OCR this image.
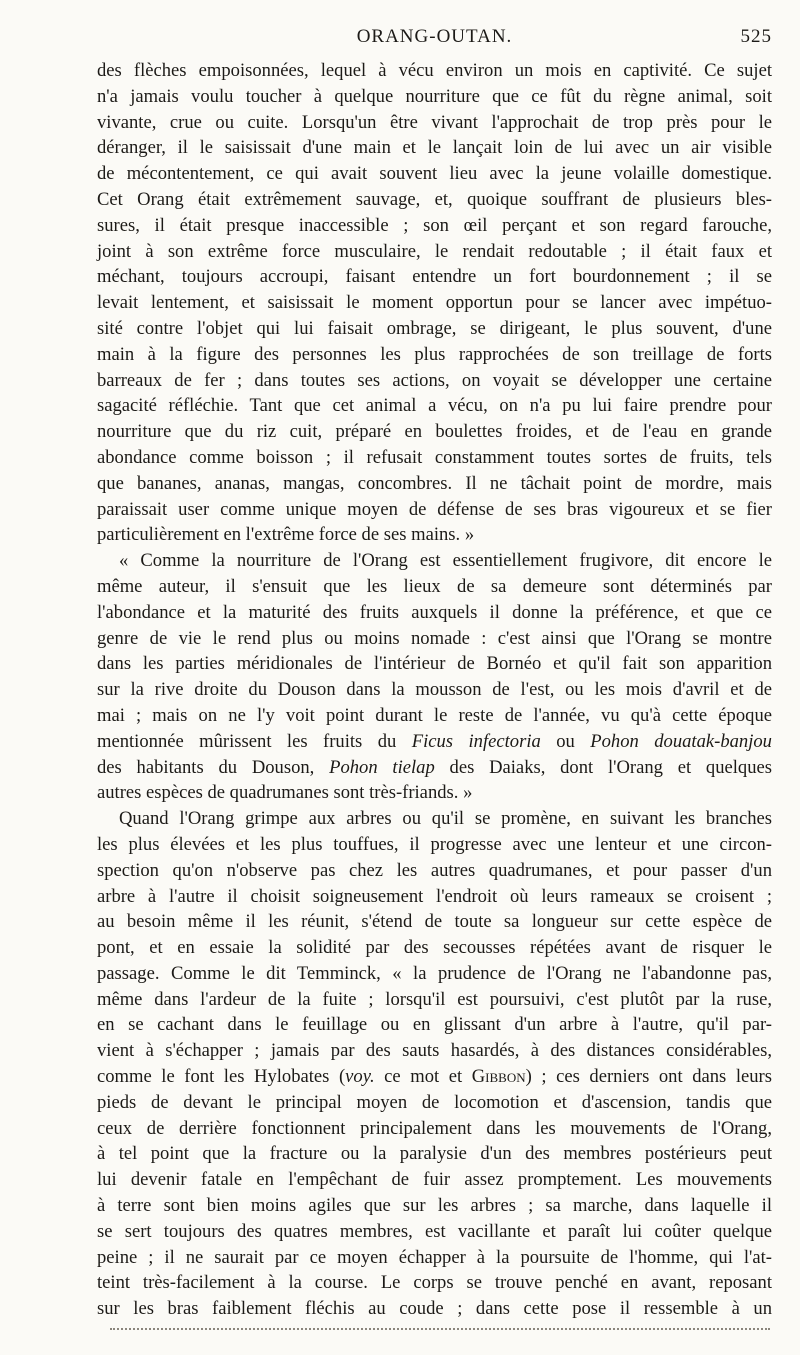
ORANG-OUTAN.	525
des flèches empoisonnées, lequel à vécu environ un mois en captivité. Ce sujet
n'a jamais voulu toucher à quelque nourriture que ce fût du règne animal, soit
vivante, crue ou cuite. Lorsqu'un être vivant l'approchait de trop près pour le
déranger, il le saisissait d'une main et le lançait loin de lui avec un air visible
de mécontentement, ce qui avait souvent lieu avec la jeune volaille domestique.
Cet Orang était extrêmement sauvage, et, quoique souffrant de plusieurs bles-
sures, il était presque inaccessible ; son œil perçant et son regard farouche,
joint à son extrême force musculaire, le rendait redoutable ; il était faux et
méchant, toujours accroupi, faisant entendre un fort bourdonnement ; il se
levait lentement, et saisissait le moment opportun pour se lancer avec impétuo-
sité contre l'objet qui lui faisait ombrage, se dirigeant, le plus souvent, d'une
main à la figure des personnes les plus rapprochées de son treillage de forts
barreaux de fer ; dans toutes ses actions, on voyait se développer une certaine
sagacité réfléchie. Tant que cet animal a vécu, on n'a pu lui faire prendre pour
nourriture que du riz cuit, préparé en boulettes froides, et de l'eau en grande
abondance comme boisson ; il refusait constamment toutes sortes de fruits, tels
que bananes, ananas, mangas, concombres. Il ne tâchait point de mordre, mais
paraissait user comme unique moyen de défense de ses bras vigoureux et se fier
particulièrement en l'extrême force de ses mains. »
« Comme la nourriture de l'Orang est essentiellement frugivore, dit encore le
même auteur, il s'ensuit que les lieux de sa demeure sont déterminés par
l'abondance et la maturité des fruits auxquels il donne la préférence, et que ce
genre de vie le rend plus ou moins nomade : c'est ainsi que l'Orang se montre
dans les parties méridionales de l'intérieur de Bornéo et qu'il fait son apparition
sur la rive droite du Douson dans la mousson de l'est, ou les mois d'avril et de
mai ; mais on ne l'y voit point durant le reste de l'année, vu qu'à cette époque
mentionnée mûrissent les fruits du Ficus infectoria ou Pohon douatak-banjou
des habitants du Douson, Pohon tielap des Daiaks, dont l'Orang et quelques
autres espèces de quadrumanes sont très-friands. »
Quand l'Orang grimpe aux arbres ou qu'il se promène, en suivant les branches
les plus élevées et les plus touffues, il progresse avec une lenteur et une circon-
spection qu'on n'observe pas chez les autres quadrumanes, et pour passer d'un
arbre à l'autre il choisit soigneusement l'endroit où leurs rameaux se croisent ;
au besoin même il les réunit, s'étend de toute sa longueur sur cette espèce de
pont, et en essaie la solidité par des secousses répétées avant de risquer le
passage. Comme le dit Temminck, « la prudence de l'Orang ne l'abandonne pas,
même dans l'ardeur de la fuite ; lorsqu'il est poursuivi, c'est plutôt par la ruse,
en se cachant dans le feuillage ou en glissant d'un arbre à l'autre, qu'il par-
vient à s'échapper ; jamais par des sauts hasardés, à des distances considérables,
comme le font les Hylobates (voy. ce mot et Gibbon) ; ces derniers ont dans leurs
pieds de devant le principal moyen de locomotion et d'ascension, tandis que
ceux de derrière fonctionnent principalement dans les mouvements de l'Orang,
à tel point que la fracture ou la paralysie d'un des membres postérieurs peut
lui devenir fatale en l'empêchant de fuir assez promptement. Les mouvements
à terre sont bien moins agiles que sur les arbres ; sa marche, dans laquelle il
se sert toujours des quatres membres, est vacillante et paraît lui coûter quelque
peine ; il ne saurait par ce moyen échapper à la poursuite de l'homme, qui l'at-
teint très-facilement à la course. Le corps se trouve penché en avant, reposant
sur les bras faiblement fléchis au coude ; dans cette pose il ressemble à un
